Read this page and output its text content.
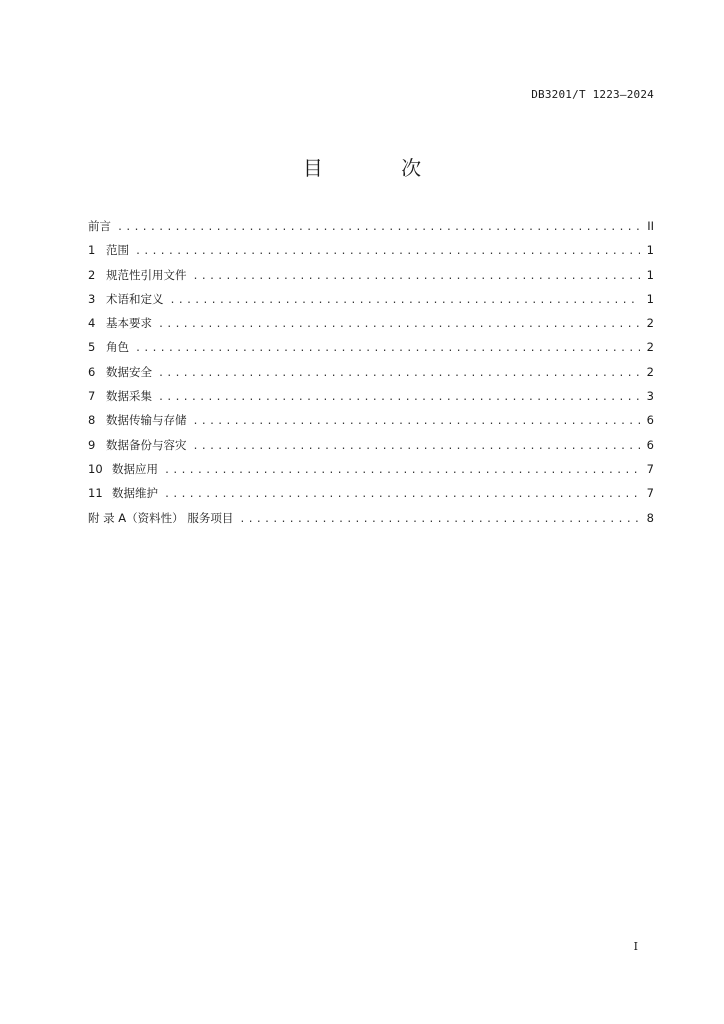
DB3201/T 1223—2024
目 次
前言 .....	II
1 范围 .....	1
2 规范性引用文件 .....	1
3 术语和定义 .....	1
4 基本要求 .....	2
5 角色 .....	2
6 数据安全 .....	2
7 数据采集 .....	3
8 数据传输与存储 .....	6
9 数据备份与容灾 .....	6
10 数据应用 .....	7
11 数据维护 .....	7
附 录 A（资料性） 服务项目 .....	8
I
